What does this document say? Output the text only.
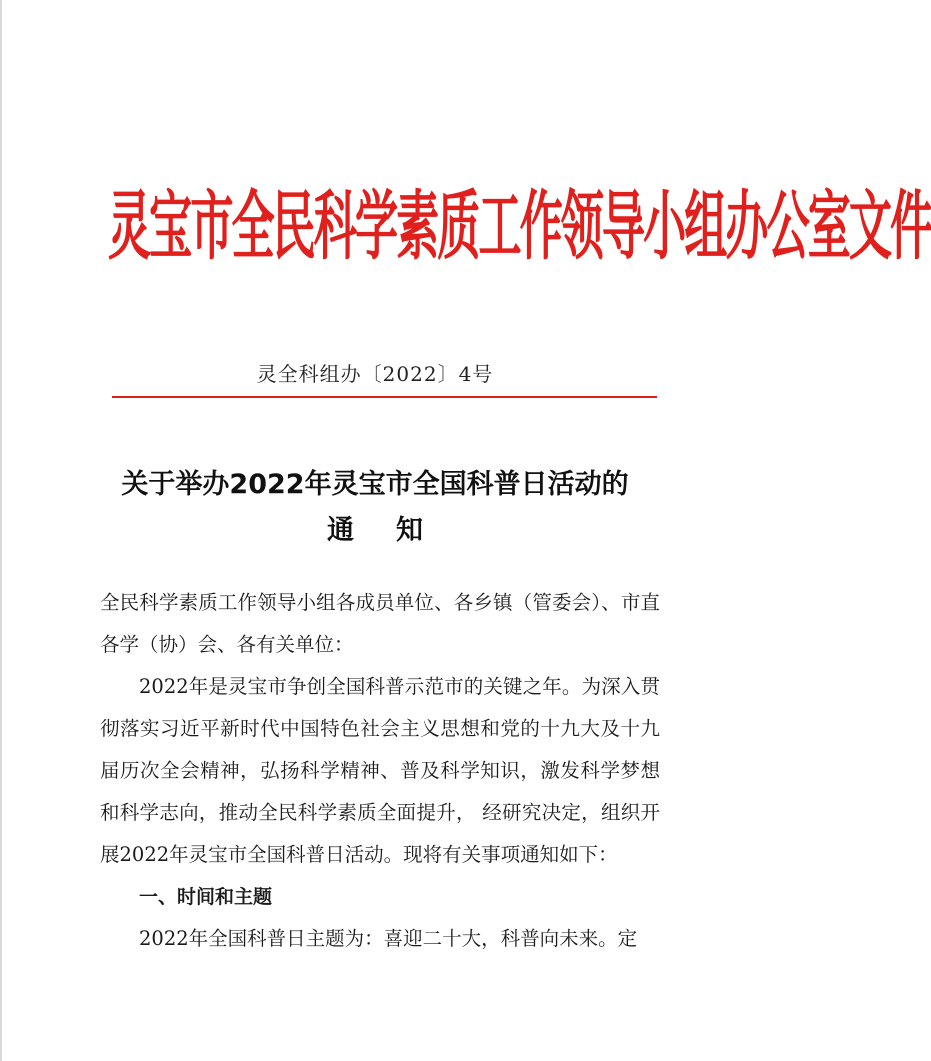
灵宝市全民科学素质工作领导小组办公室文件

灵全科组办〔2022〕4号

关于举办2022年灵宝市全国科普日活动的
通知

全民科学素质工作领导小组各成员单位、各乡镇（管委会）、市直各学（协）会、各有关单位：

2022年是灵宝市争创全国科普示范市的关键之年。为深入贯彻落实习近平新时代中国特色社会主义思想和党的十九大及十九届历次全会精神，弘扬科学精神、普及科学知识，激发科学梦想和科学志向，推动全民科学素质全面提升， 经研究决定，组织开展2022年灵宝市全国科普日活动。现将有关事项通知如下：

一、时间和主题

2022年全国科普日主题为：喜迎二十大，科普向未来。定
